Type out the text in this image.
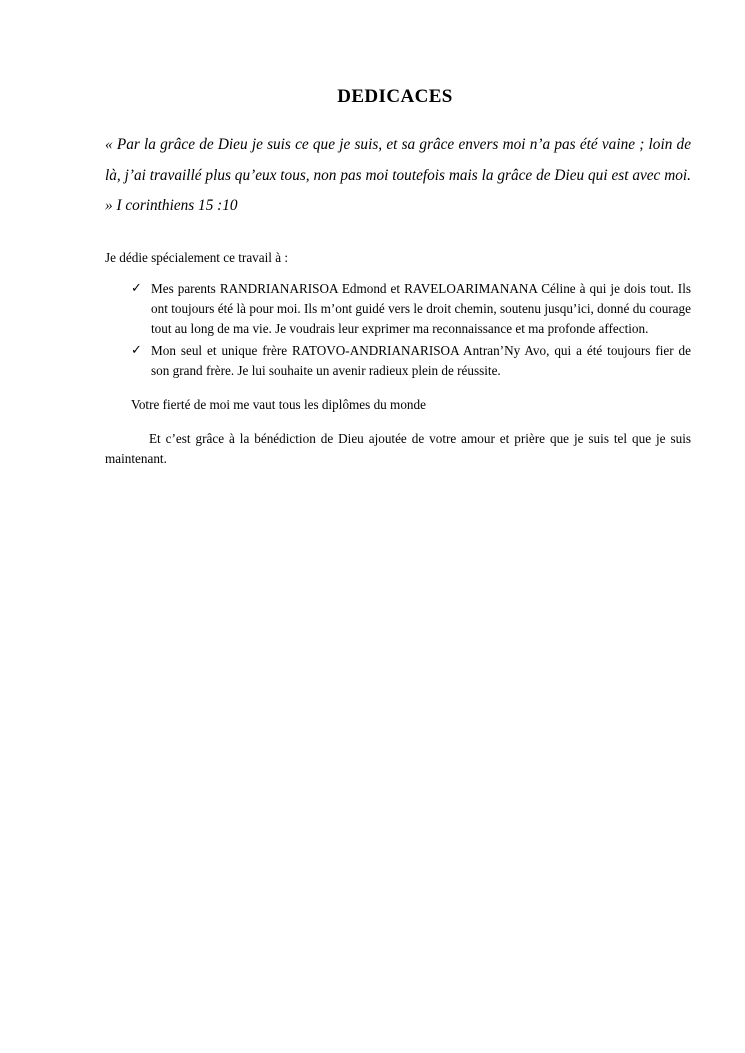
DEDICACES

« Par la grâce de Dieu je suis ce que je suis, et sa grâce envers moi n’a pas été vaine ; loin de là, j’ai travaillé plus qu’eux tous, non pas moi toutefois mais la grâce de Dieu qui est avec moi. » I corinthiens 15 :10

Je dédie spécialement ce travail à :

✓ Mes parents RANDRIANARISOA Edmond et RAVELOARIMANANA Céline à qui je dois tout. Ils ont toujours été là pour moi. Ils m’ont guidé vers le droit chemin, soutenu jusqu’ici, donné du courage tout au long de ma vie. Je voudrais leur exprimer ma reconnaissance et ma profonde affection.
✓ Mon seul et unique frère RATOVO-ANDRIANARISOA Antran’Ny Avo, qui a été toujours fier de son grand frère. Je lui souhaite un avenir radieux plein de réussite.

Votre fierté de moi me vaut tous les diplômes du monde

Et c’est grâce à la bénédiction de Dieu ajoutée de votre amour et prière que je suis tel que je suis maintenant.
